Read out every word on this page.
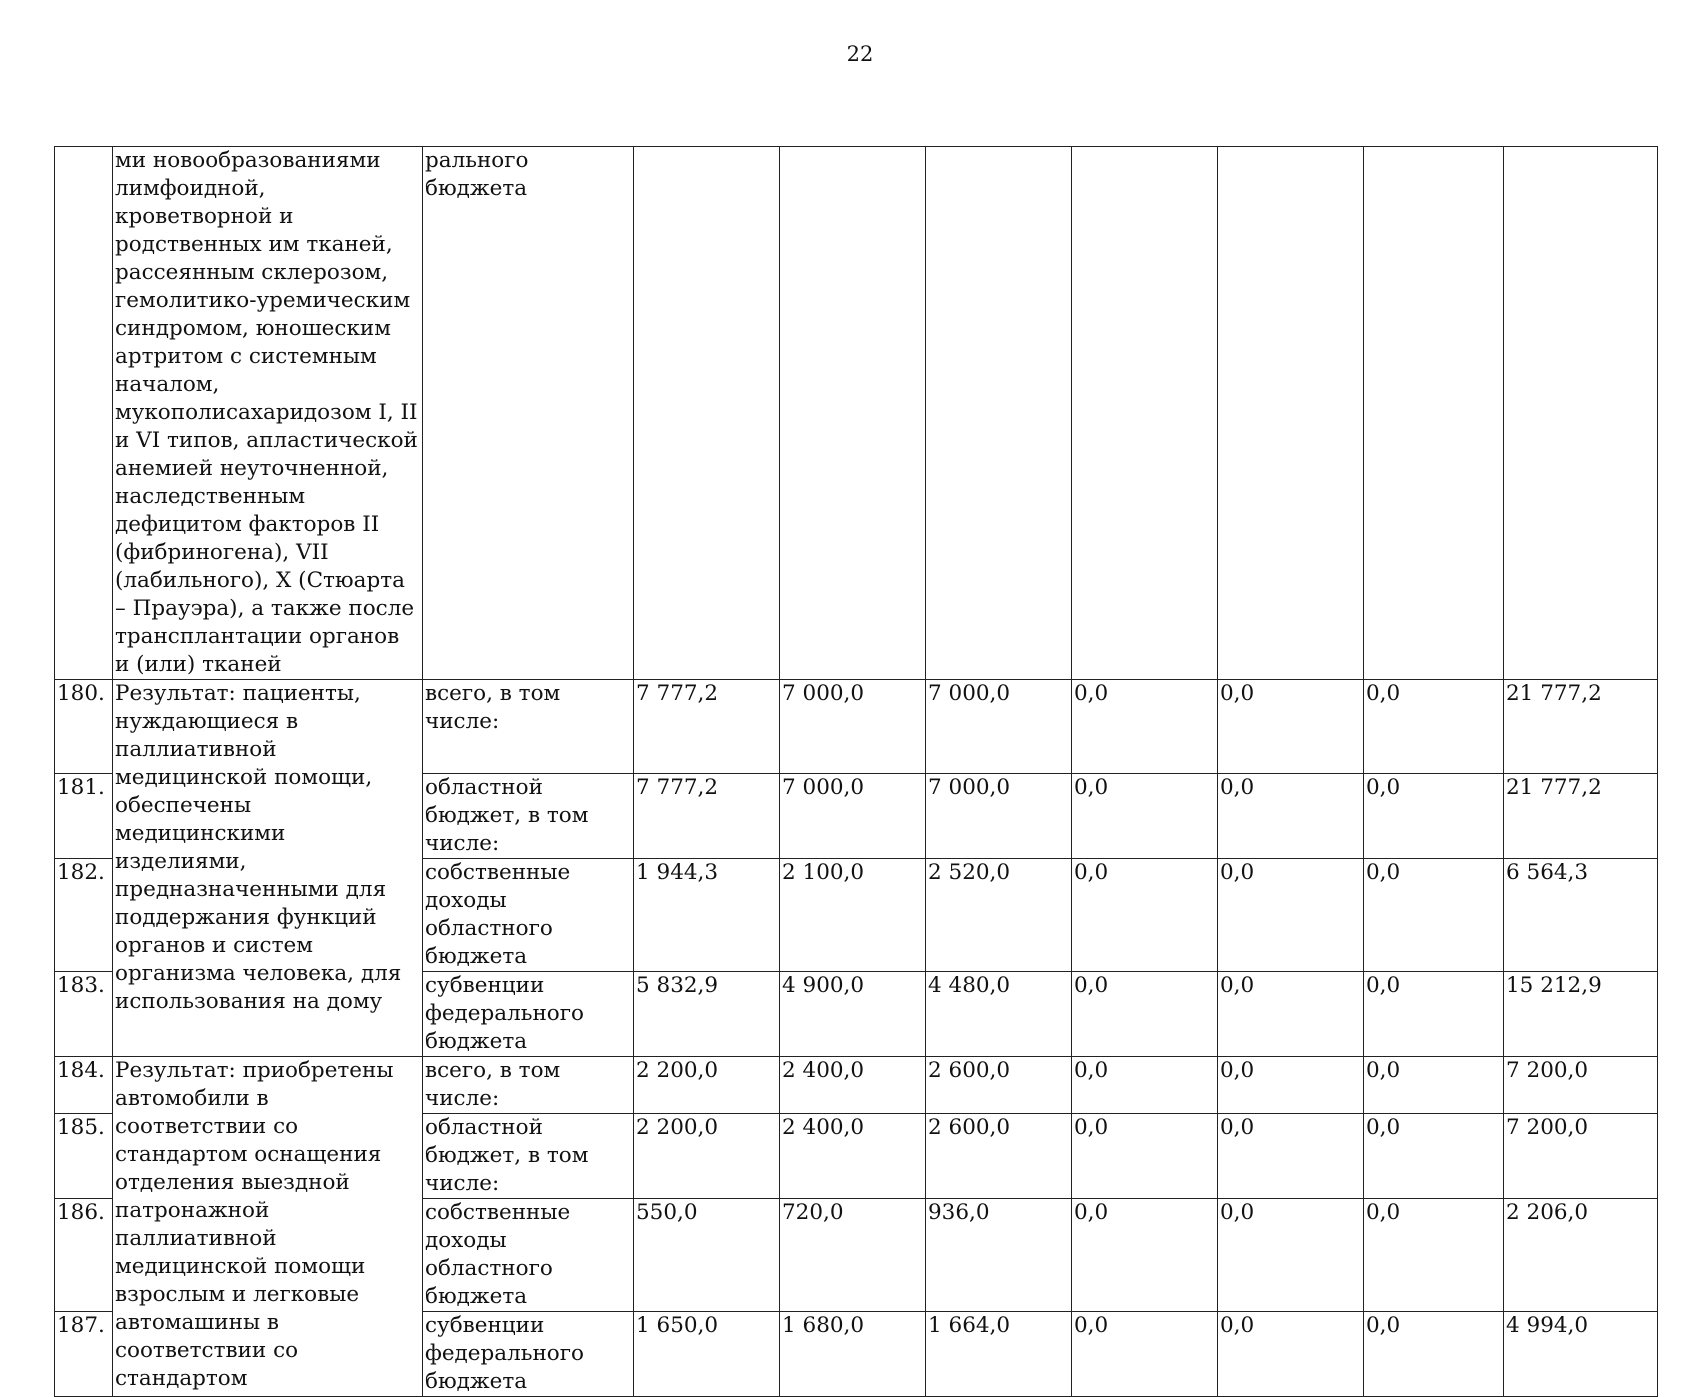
22
	ми новообразованиями лимфоидной, кроветворной и родственных им тканей, рассеянным склерозом, гемолитико-уремическим синдромом, юношеским артритом с системным началом, мукополисахаридозом I, II и VI типов, апластической анемией неуточненной, наследственным дефицитом факторов II (фибриногена), VII (лабильного), X (Стюарта – Прауэра), а также после трансплантации органов и (или) тканей	рального бюджета							
180.	Результат: пациенты, нуждающиеся в паллиативной медицинской помощи, обеспечены медицинскими изделиями, предназначенными для поддержания функций органов и систем организма человека, для использования на дому	всего, в том числе:	7 777,2	7 000,0	7 000,0	0,0	0,0	0,0	21 777,2
181.		областной бюджет, в том числе:	7 777,2	7 000,0	7 000,0	0,0	0,0	0,0	21 777,2
182.		собственные доходы областного бюджета	1 944,3	2 100,0	2 520,0	0,0	0,0	0,0	6 564,3
183.		субвенции федерального бюджета	5 832,9	4 900,0	4 480,0	0,0	0,0	0,0	15 212,9
184.	Результат: приобретены автомобили в соответствии со стандартом оснащения отделения выездной патронажной паллиативной медицинской помощи взрослым и легковые автомашины в соответствии со стандартом	всего, в том числе:	2 200,0	2 400,0	2 600,0	0,0	0,0	0,0	7 200,0
185.		областной бюджет, в том числе:	2 200,0	2 400,0	2 600,0	0,0	0,0	0,0	7 200,0
186.		собственные доходы областного бюджета	550,0	720,0	936,0	0,0	0,0	0,0	2 206,0
187.		субвенции федерального бюджета	1 650,0	1 680,0	1 664,0	0,0	0,0	0,0	4 994,0
